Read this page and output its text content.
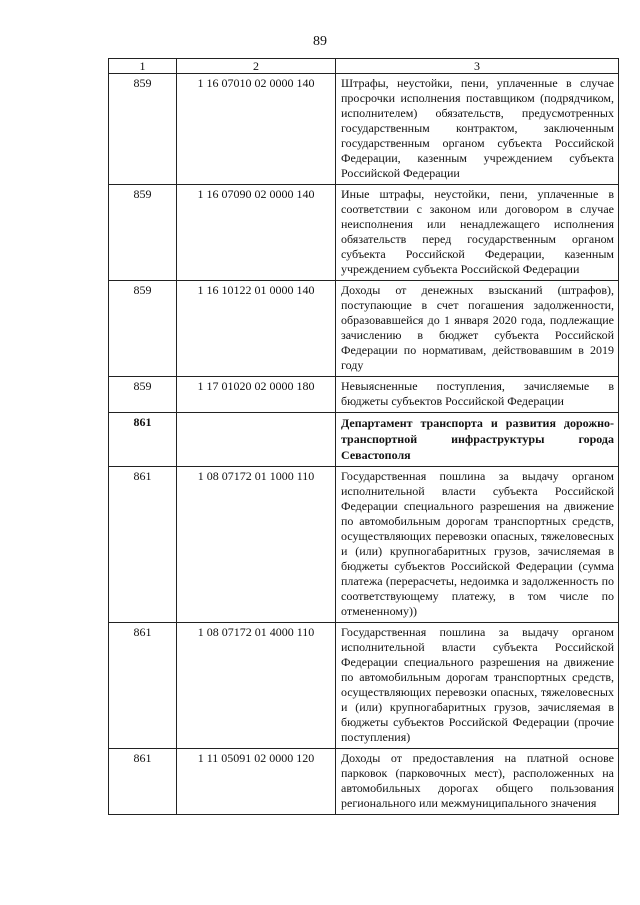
89
1	2	3
859	1 16 07010 02 0000 140	Штрафы, неустойки, пени, уплаченные в случае просрочки исполнения поставщиком (подрядчиком, исполнителем) обязательств, предусмотренных государственным контрактом, заключенным государственным органом субъекта Российской Федерации, казенным учреждением субъекта Российской Федерации
859	1 16 07090 02 0000 140	Иные штрафы, неустойки, пени, уплаченные в соответствии с законом или договором в случае неисполнения или ненадлежащего исполнения обязательств перед государственным органом субъекта Российской Федерации, казенным учреждением субъекта Российской Федерации
859	1 16 10122 01 0000 140	Доходы от денежных взысканий (штрафов), поступающие в счет погашения задолженности, образовавшейся до 1 января 2020 года, подлежащие зачислению в бюджет субъекта Российской Федерации по нормативам, действовавшим в 2019 году
859	1 17 01020 02 0000 180	Невыясненные поступления, зачисляемые в бюджеты субъектов Российской Федерации
861		Департамент транспорта и развития дорожно-транспортной инфраструктуры города Севастополя
861	1 08 07172 01 1000 110	Государственная пошлина за выдачу органом исполнительной власти субъекта Российской Федерации специального разрешения на движение по автомобильным дорогам транспортных средств, осуществляющих перевозки опасных, тяжеловесных и (или) крупногабаритных грузов, зачисляемая в бюджеты субъектов Российской Федерации (сумма платежа (перерасчеты, недоимка и задолженность по соответствующему платежу, в том числе по отмененному))
861	1 08 07172 01 4000 110	Государственная пошлина за выдачу органом исполнительной власти субъекта Российской Федерации специального разрешения на движение по автомобильным дорогам транспортных средств, осуществляющих перевозки опасных, тяжеловесных и (или) крупногабаритных грузов, зачисляемая в бюджеты субъектов Российской Федерации (прочие поступления)
861	1 11 05091 02 0000 120	Доходы от предоставления на платной основе парковок (парковочных мест), расположенных на автомобильных дорогах общего пользования регионального или межмуниципального значения
